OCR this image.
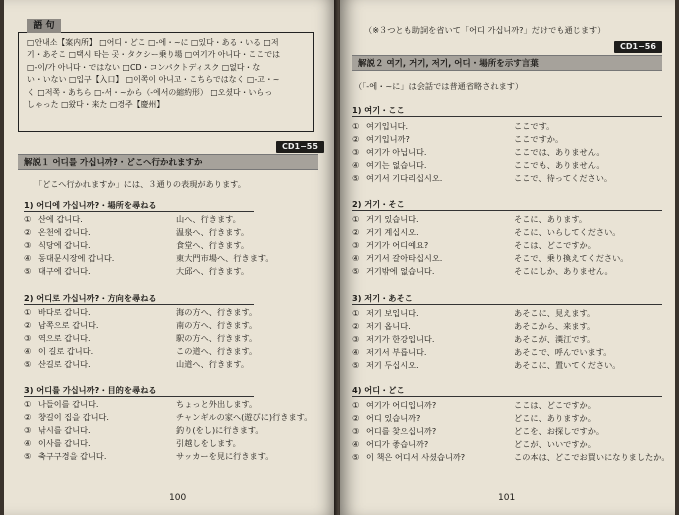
語 句
□안내소【案内所】 □어디・どこ □-에・~に □있다・ある・いる □저
기・あそこ □택시 타는 곳・タクシー乗り場 □여기가 아니다・ここでは
□-이/가 아니다・ではない □CD・コンパクトディスク □없다・な
い・いない □입구【入口】 □이쪽이 아니고・こちらではなく □-고・~
く □저쪽・あちら □-서・~から（-에서の縮約形） □오셨다・いらっ
しゃった □왔다・来た □경주【慶州】
CD1−55
解説１ 어디를 가십니까?・どこへ行かれますか
「どこへ行かれますか」には、３通りの表現があります。
1) 어디에 가십니까?・場所を尋ねる
① 산에 갑니다.	山へ、行きます。
② 온천에 갑니다.	温泉へ、行きます。
③ 식당에 갑니다.	食堂へ、行きます。
④ 동대문시장에 갑니다.	東大門市場へ、行きます。
⑤ 대구에 갑니다.	大邱へ、行きます。
2) 어디로 가십니까?・方向を尋ねる
① 바다로 갑니다.	海の方へ、行きます。
② 남쪽으로 갑니다.	南の方へ、行きます。
③ 역으로 갑니다.	駅の方へ、行きます。
④ 이 길로 갑니다.	この道へ、行きます。
⑤ 산길로 갑니다.	山道へ、行きます。
3) 어디를 가십니까?・目的を尋ねる
① 나들이를 갑니다.	ちょっと外出します。
② 챵길이 집을 갑니다.	チャンギルの家へ(遊びに)行きます。
③ 낚시를 갑니다.	釣り(をし)に行きます。
④ 이사를 갑니다.	引越しをします。
⑤ 축구구경을 갑니다.	サッカーを見に行きます。
100
（※３つとも助詞を省いて「어디 가십니까?」だけでも通じます）
CD1−56
解説２ 여기, 거기, 저기, 어디・場所を示す言葉
（「-에・~に」は会話では普通省略されます）
1) 여기・ここ
① 여기입니다.	ここです。
② 여기입니까?	ここですか。
③ 여기가 아닙니다.	ここでは、ありません。
④ 여기는 없습니다.	ここでも、ありません。
⑤ 여기서 기다리십시오.	ここで、待ってください。
2) 거기・そこ
① 거기 있습니다.	そこに、あります。
② 거기 계십시오.	そこに、いらしてください。
③ 거기가 어디예요?	そこは、どこですか。
④ 거기서 갈아타십시오.	そこで、乗り換えてください。
⑤ 거기밖에 없습니다.	そこにしか、ありません。
3) 저기・あそこ
① 저기 보입니다.	あそこに、見えます。
② 저기 옵니다.	あそこから、来ます。
③ 저기가 한강입니다.	あそこが、漢江です。
④ 저기서 부릅니다.	あそこで、呼んでいます。
⑤ 저기 두십시오.	あそこに、置いてください。
4) 어디・どこ
① 여기가 어디입니까?	ここは、どこですか。
② 어디 있습니까?	どこに、ありますか。
③ 어디를 찾으십니까?	どこを、お探しですか。
④ 어디가 좋습니까?	どこが、いいですか。
⑤ 이 책은 어디서 사셨습니까?	この本は、どこでお買いになりましたか。
101
